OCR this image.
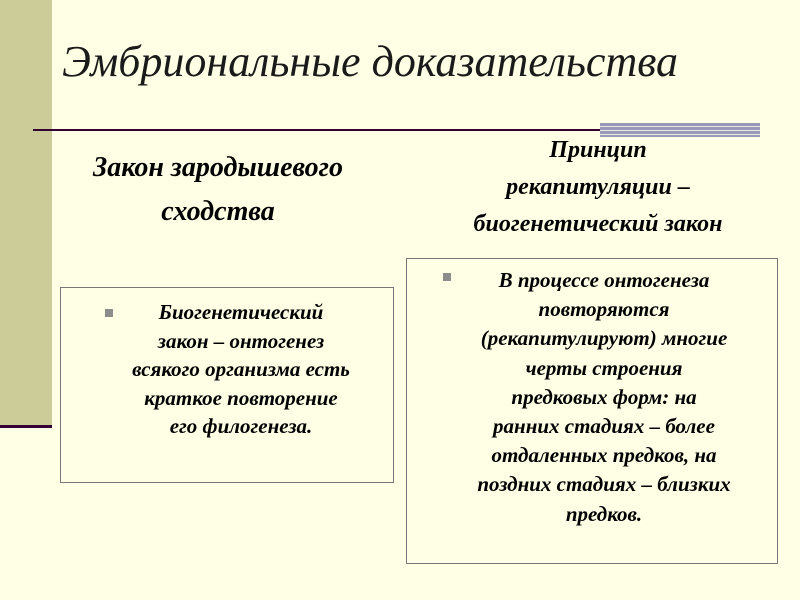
Эмбриональные доказательства
Закон зародышевого
сходства
Принцип
рекапитуляции –
биогенетический закон

Биогенетический
закон – онтогенез
всякого организма есть
краткое повторение
его филогенеза.

В процессе онтогенеза
повторяются
(рекапитулируют) многие
черты строения
предковых форм: на
ранних стадиях – более
отдаленных предков, на
поздних стадиях – близких
предков.
